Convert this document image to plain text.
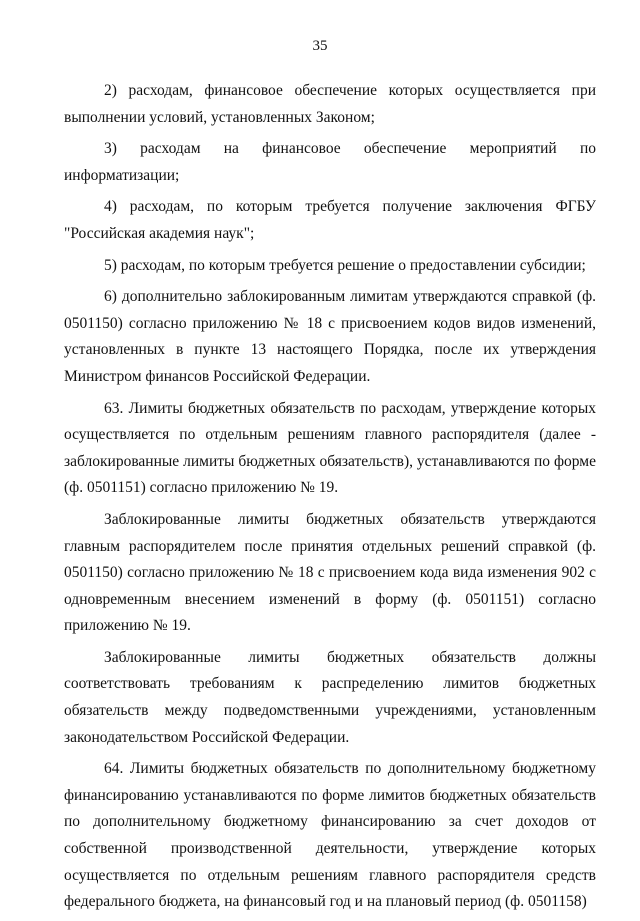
35

2) расходам, финансовое обеспечение которых осуществляется при выполнении условий, установленных Законом;

3) расходам на финансовое обеспечение мероприятий по информатизации;

4) расходам, по которым требуется получение заключения ФГБУ "Российская академия наук";

5) расходам, по которым требуется решение о предоставлении субсидии;

6) дополнительно заблокированным лимитам утверждаются справкой (ф. 0501150) согласно приложению № 18 с присвоением кодов видов изменений, установленных в пункте 13 настоящего Порядка, после их утверждения Министром финансов Российской Федерации.

63. Лимиты бюджетных обязательств по расходам, утверждение которых осуществляется по отдельным решениям главного распорядителя (далее - заблокированные лимиты бюджетных обязательств), устанавливаются по форме (ф. 0501151) согласно приложению № 19.

Заблокированные лимиты бюджетных обязательств утверждаются главным распорядителем после принятия отдельных решений справкой (ф. 0501150) согласно приложению № 18 с присвоением кода вида изменения 902 с одновременным внесением изменений в форму (ф. 0501151) согласно приложению № 19.

Заблокированные лимиты бюджетных обязательств должны соответствовать требованиям к распределению лимитов бюджетных обязательств между подведомственными учреждениями, установленным законодательством Российской Федерации.

64. Лимиты бюджетных обязательств по дополнительному бюджетному финансированию устанавливаются по форме лимитов бюджетных обязательств по дополнительному бюджетному финансированию за счет доходов от собственной производственной деятельности, утверждение которых осуществляется по отдельным решениям главного распорядителя средств федерального бюджета, на финансовый год и на плановый период (ф. 0501158)
